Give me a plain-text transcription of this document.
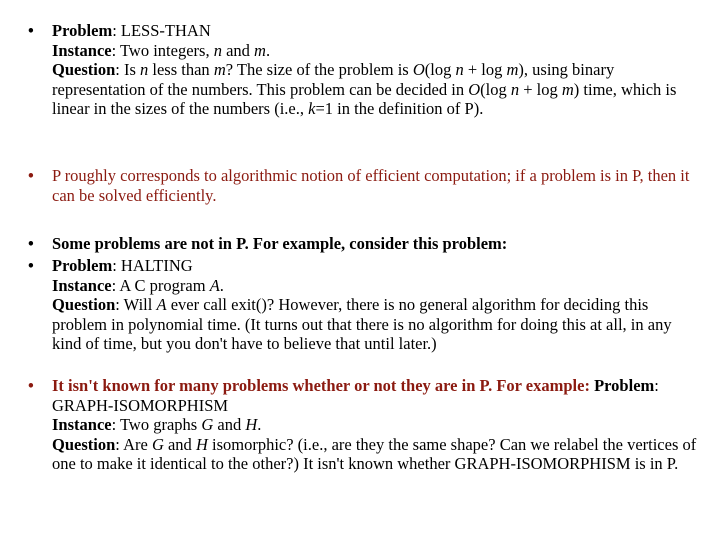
•	Problem: LESS-THAN
Instance: Two integers, n and m.
Question: Is n less than m? The size of the problem is O(log n + log m), using binary representation of the numbers. This problem can be decided in O(log n + log m) time, which is linear in the sizes of the numbers (i.e., k=1 in the definition of P).
•	P roughly corresponds to algorithmic notion of efficient computation; if a problem is in P, then it can be solved efficiently.
•	Some problems are not in P. For example, consider this problem:
•	Problem: HALTING
Instance: A C program A.
Question: Will A ever call exit()? However, there is no general algorithm for deciding this problem in polynomial time. (It turns out that there is no algorithm for doing this at all, in any kind of time, but you don't have to believe that until later.)
•	It isn't known for many problems whether or not they are in P. For example: Problem: GRAPH-ISOMORPHISM
Instance: Two graphs G and H.
Question: Are G and H isomorphic? (i.e., are they the same shape? Can we relabel the vertices of one to make it identical to the other?) It isn't known whether GRAPH-ISOMORPHISM is in P.
